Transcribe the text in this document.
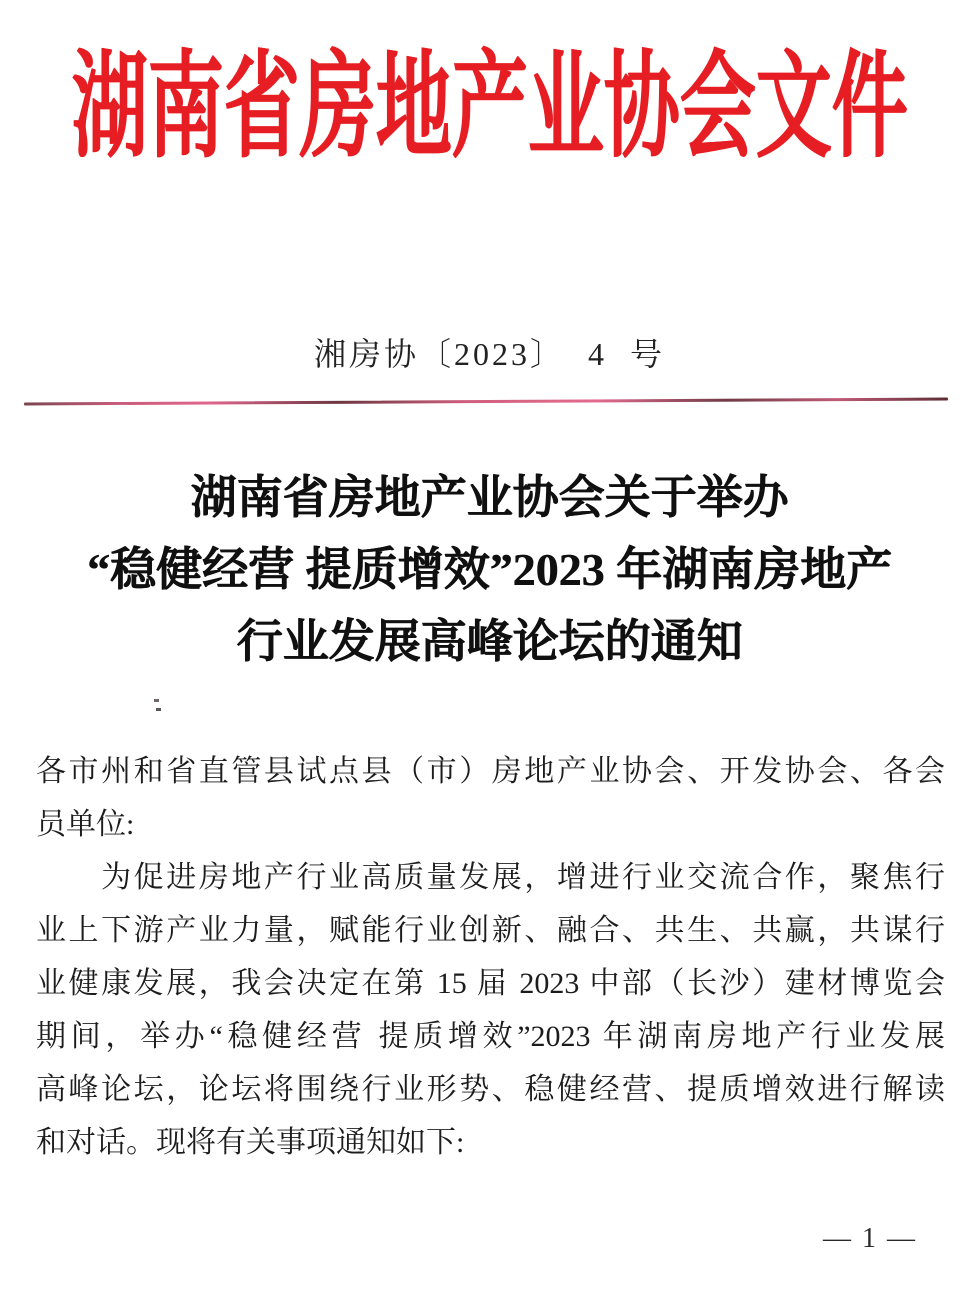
湖南省房地产业协会文件
湘房协〔2023〕 4 号
湖南省房地产业协会关于举办
“稳健经营 提质增效”2023 年湖南房地产
行业发展高峰论坛的通知
各市州和省直管县试点县（市）房地产业协会、开发协会、各会
员单位:
　　为促进房地产行业高质量发展，增进行业交流合作，聚焦行
业上下游产业力量，赋能行业创新、融合、共生、共赢，共谋行
业健康发展，我会决定在第 15 届 2023 中部（长沙）建材博览会
期间，举办“稳健经营 提质增效”2023 年湖南房地产行业发展
高峰论坛，论坛将围绕行业形势、稳健经营、提质增效进行解读
和对话。现将有关事项通知如下:
— 1 —
